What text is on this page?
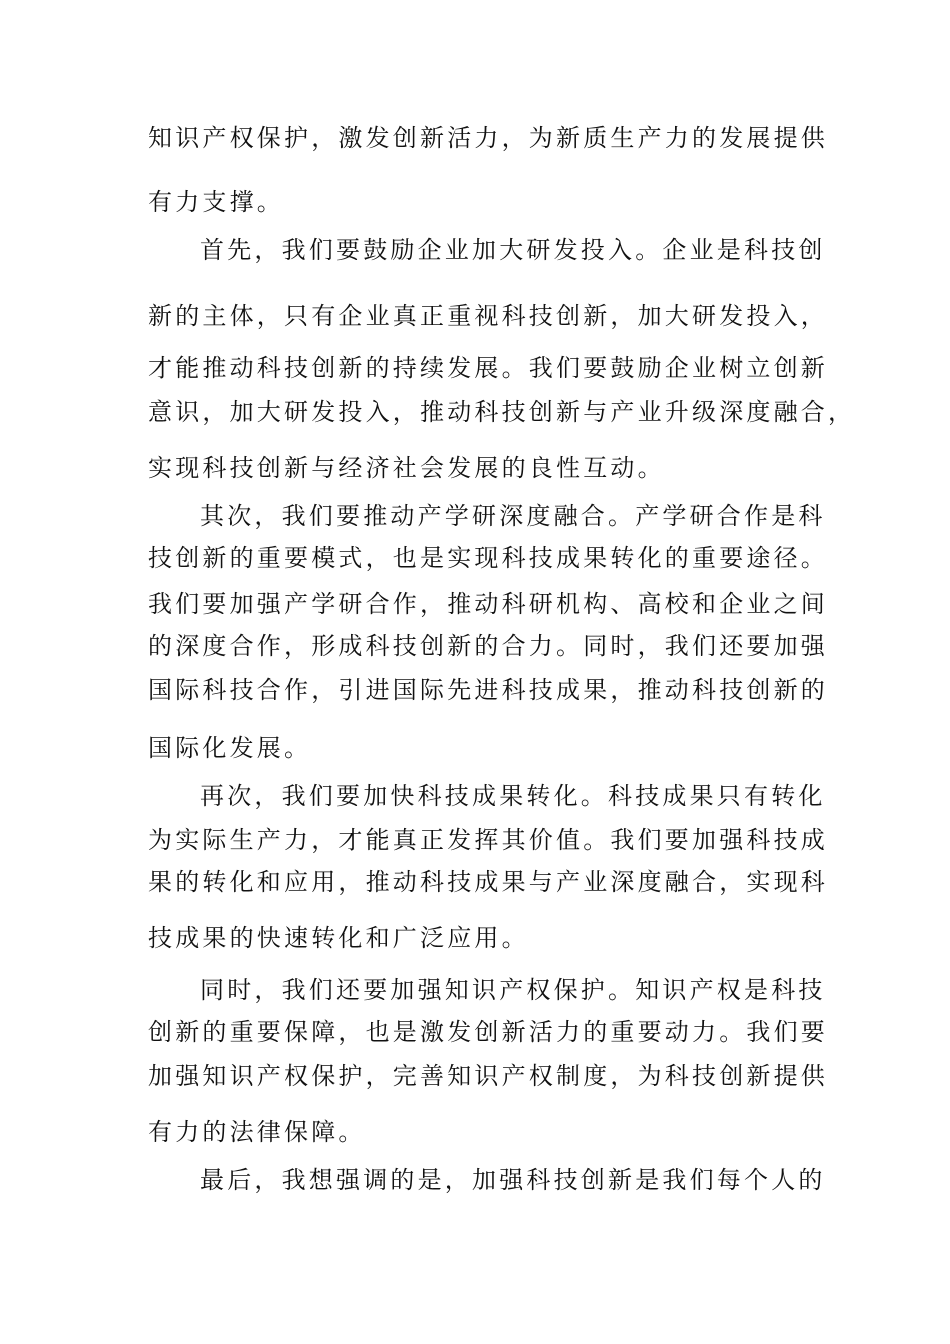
知识产权保护，激发创新活力，为新质生产力的发展提供
有力支撑。
首先，我们要鼓励企业加大研发投入。企业是科技创
新的主体，只有企业真正重视科技创新，加大研发投入，
才能推动科技创新的持续发展。我们要鼓励企业树立创新
意识，加大研发投入，推动科技创新与产业升级深度融合，
实现科技创新与经济社会发展的良性互动。
其次，我们要推动产学研深度融合。产学研合作是科
技创新的重要模式，也是实现科技成果转化的重要途径。
我们要加强产学研合作，推动科研机构、高校和企业之间
的深度合作，形成科技创新的合力。同时，我们还要加强
国际科技合作，引进国际先进科技成果，推动科技创新的
国际化发展。
再次，我们要加快科技成果转化。科技成果只有转化
为实际生产力，才能真正发挥其价值。我们要加强科技成
果的转化和应用，推动科技成果与产业深度融合，实现科
技成果的快速转化和广泛应用。
同时，我们还要加强知识产权保护。知识产权是科技
创新的重要保障，也是激发创新活力的重要动力。我们要
加强知识产权保护，完善知识产权制度，为科技创新提供
有力的法律保障。
最后，我想强调的是，加强科技创新是我们每个人的
